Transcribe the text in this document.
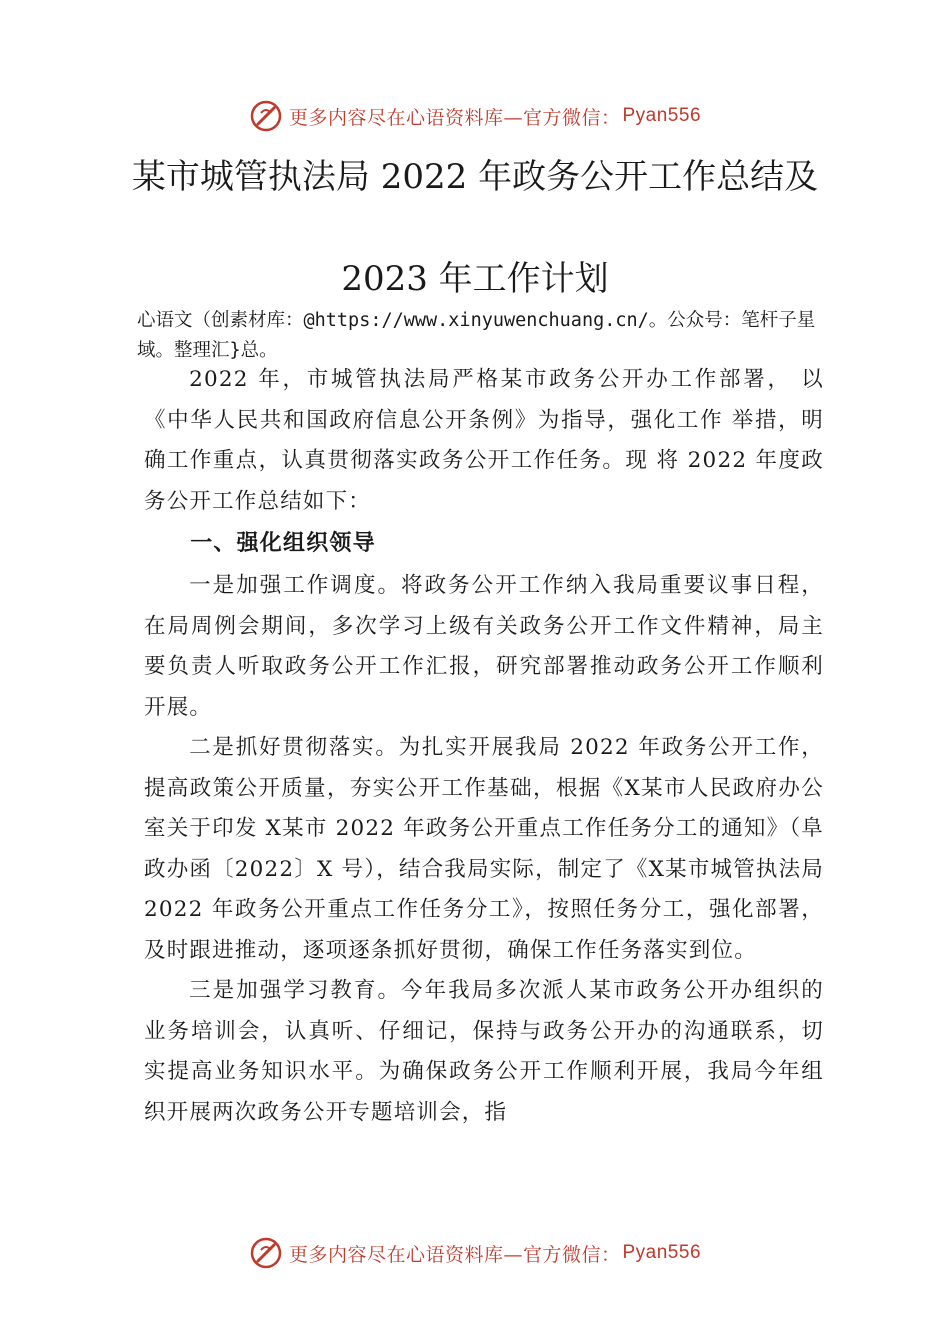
更多内容尽在心语资料库—官方微信： Pyan556
某市城管执法局 2022 年政务公开工作总结及
2023 年工作计划

心语文（创素材库：@https://www.xinyuwenchuang.cn/。公众号：笔杆子星域。整理汇}总。

2022 年，市城管执法局严格某市政务公开办工作部署， 以《中华人民共和国政府信息公开条例》为指导，强化工作 举措，明确工作重点，认真贯彻落实政务公开工作任务。现 将 2022 年度政务公开工作总结如下：

一、强化组织领导

一是加强工作调度。将政务公开工作纳入我局重要议事日程，在局周例会期间，多次学习上级有关政务公开工作文件精神，局主要负责人听取政务公开工作汇报，研究部署推动政务公开工作顺利开展。

二是抓好贯彻落实。为扎实开展我局 2022 年政务公开工作，提高政策公开质量，夯实公开工作基础，根据《X某市人民政府办公室关于印发 X某市 2022 年政务公开重点工作任务分工的通知》（阜政办函〔2022〕X 号），结合我局实际，制定了《X某市城管执法局 2022 年政务公开重点工作任务分工》，按照任务分工，强化部署，及时跟进推动，逐项逐条抓好贯彻，确保工作任务落实到位。

三是加强学习教育。今年我局多次派人某市政务公开办组织的业务培训会，认真听、仔细记，保持与政务公开办的沟通联系，切实提高业务知识水平。为确保政务公开工作顺利开展，我局今年组织开展两次政务公开专题培训会，指

更多内容尽在心语资料库—官方微信： Pyan556
